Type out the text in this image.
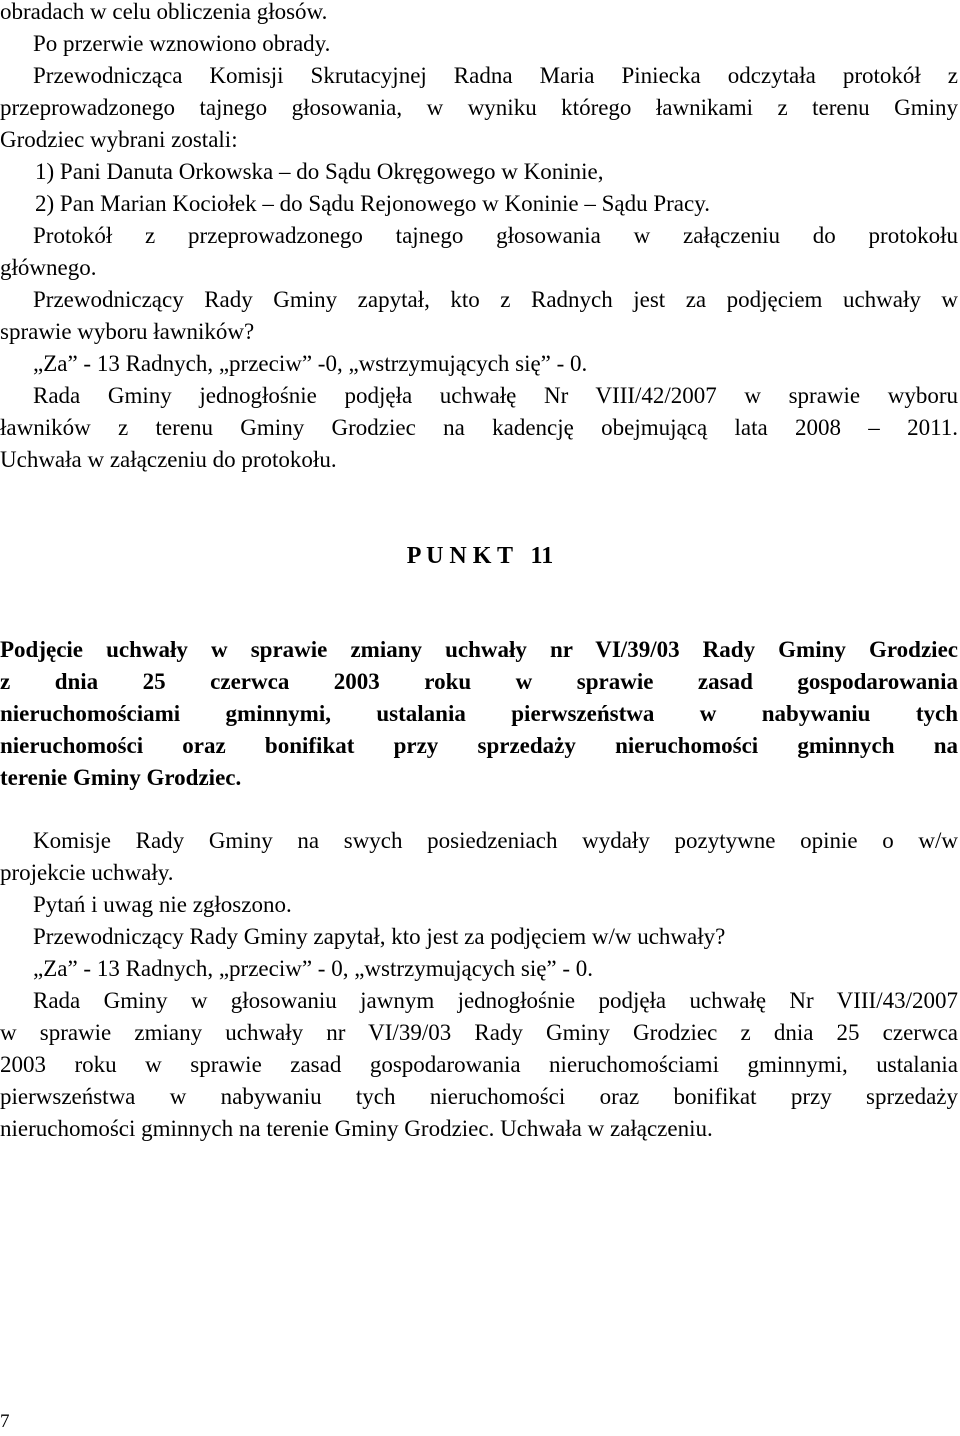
obradach w celu obliczenia głosów.
Po przerwie wznowiono obrady.
Przewodnicząca Komisji Skrutacyjnej Radna Maria Piniecka odczytała protokół z
przeprowadzonego tajnego głosowania, w wyniku którego ławnikami z terenu Gminy
Grodziec wybrani zostali:
1) Pani Danuta Orkowska – do Sądu Okręgowego w Koninie,
2) Pan Marian Kociołek – do Sądu Rejonowego w Koninie – Sądu Pracy.
Protokół z przeprowadzonego tajnego głosowania w załączeniu do protokołu
głównego.
Przewodniczący Rady Gminy zapytał, kto z Radnych jest za podjęciem uchwały w
sprawie wyboru ławników?
„Za” - 13 Radnych, „przeciw” -0, „wstrzymujących się” - 0.
Rada Gminy jednogłośnie podjęła uchwałę Nr VIII/42/2007 w sprawie wyboru
ławników z terenu Gminy Grodziec na kadencję obejmującą lata 2008 – 2011.
Uchwała w załączeniu do protokołu.
P U N K T   11
Podjęcie uchwały w sprawie zmiany uchwały nr VI/39/03 Rady Gminy Grodziec
z dnia 25 czerwca 2003 roku w sprawie zasad gospodarowania
nieruchomościami gminnymi, ustalania pierwszeństwa w nabywaniu tych
nieruchomości oraz bonifikat przy sprzedaży nieruchomości gminnych na
terenie Gminy Grodziec.
Komisje Rady Gminy na swych posiedzeniach wydały pozytywne opinie o w/w
projekcie uchwały.
Pytań i uwag nie zgłoszono.
Przewodniczący Rady Gminy zapytał, kto jest za podjęciem w/w uchwały?
„Za” - 13 Radnych, „przeciw” - 0, „wstrzymujących się” - 0.
Rada Gminy w głosowaniu jawnym jednogłośnie podjęła uchwałę Nr VIII/43/2007
w sprawie zmiany uchwały nr VI/39/03 Rady Gminy Grodziec z dnia 25 czerwca
2003 roku w sprawie zasad gospodarowania nieruchomościami gminnymi, ustalania
pierwszeństwa w nabywaniu tych nieruchomości oraz bonifikat przy sprzedaży
nieruchomości gminnych na terenie Gminy Grodziec. Uchwała w załączeniu.
7
